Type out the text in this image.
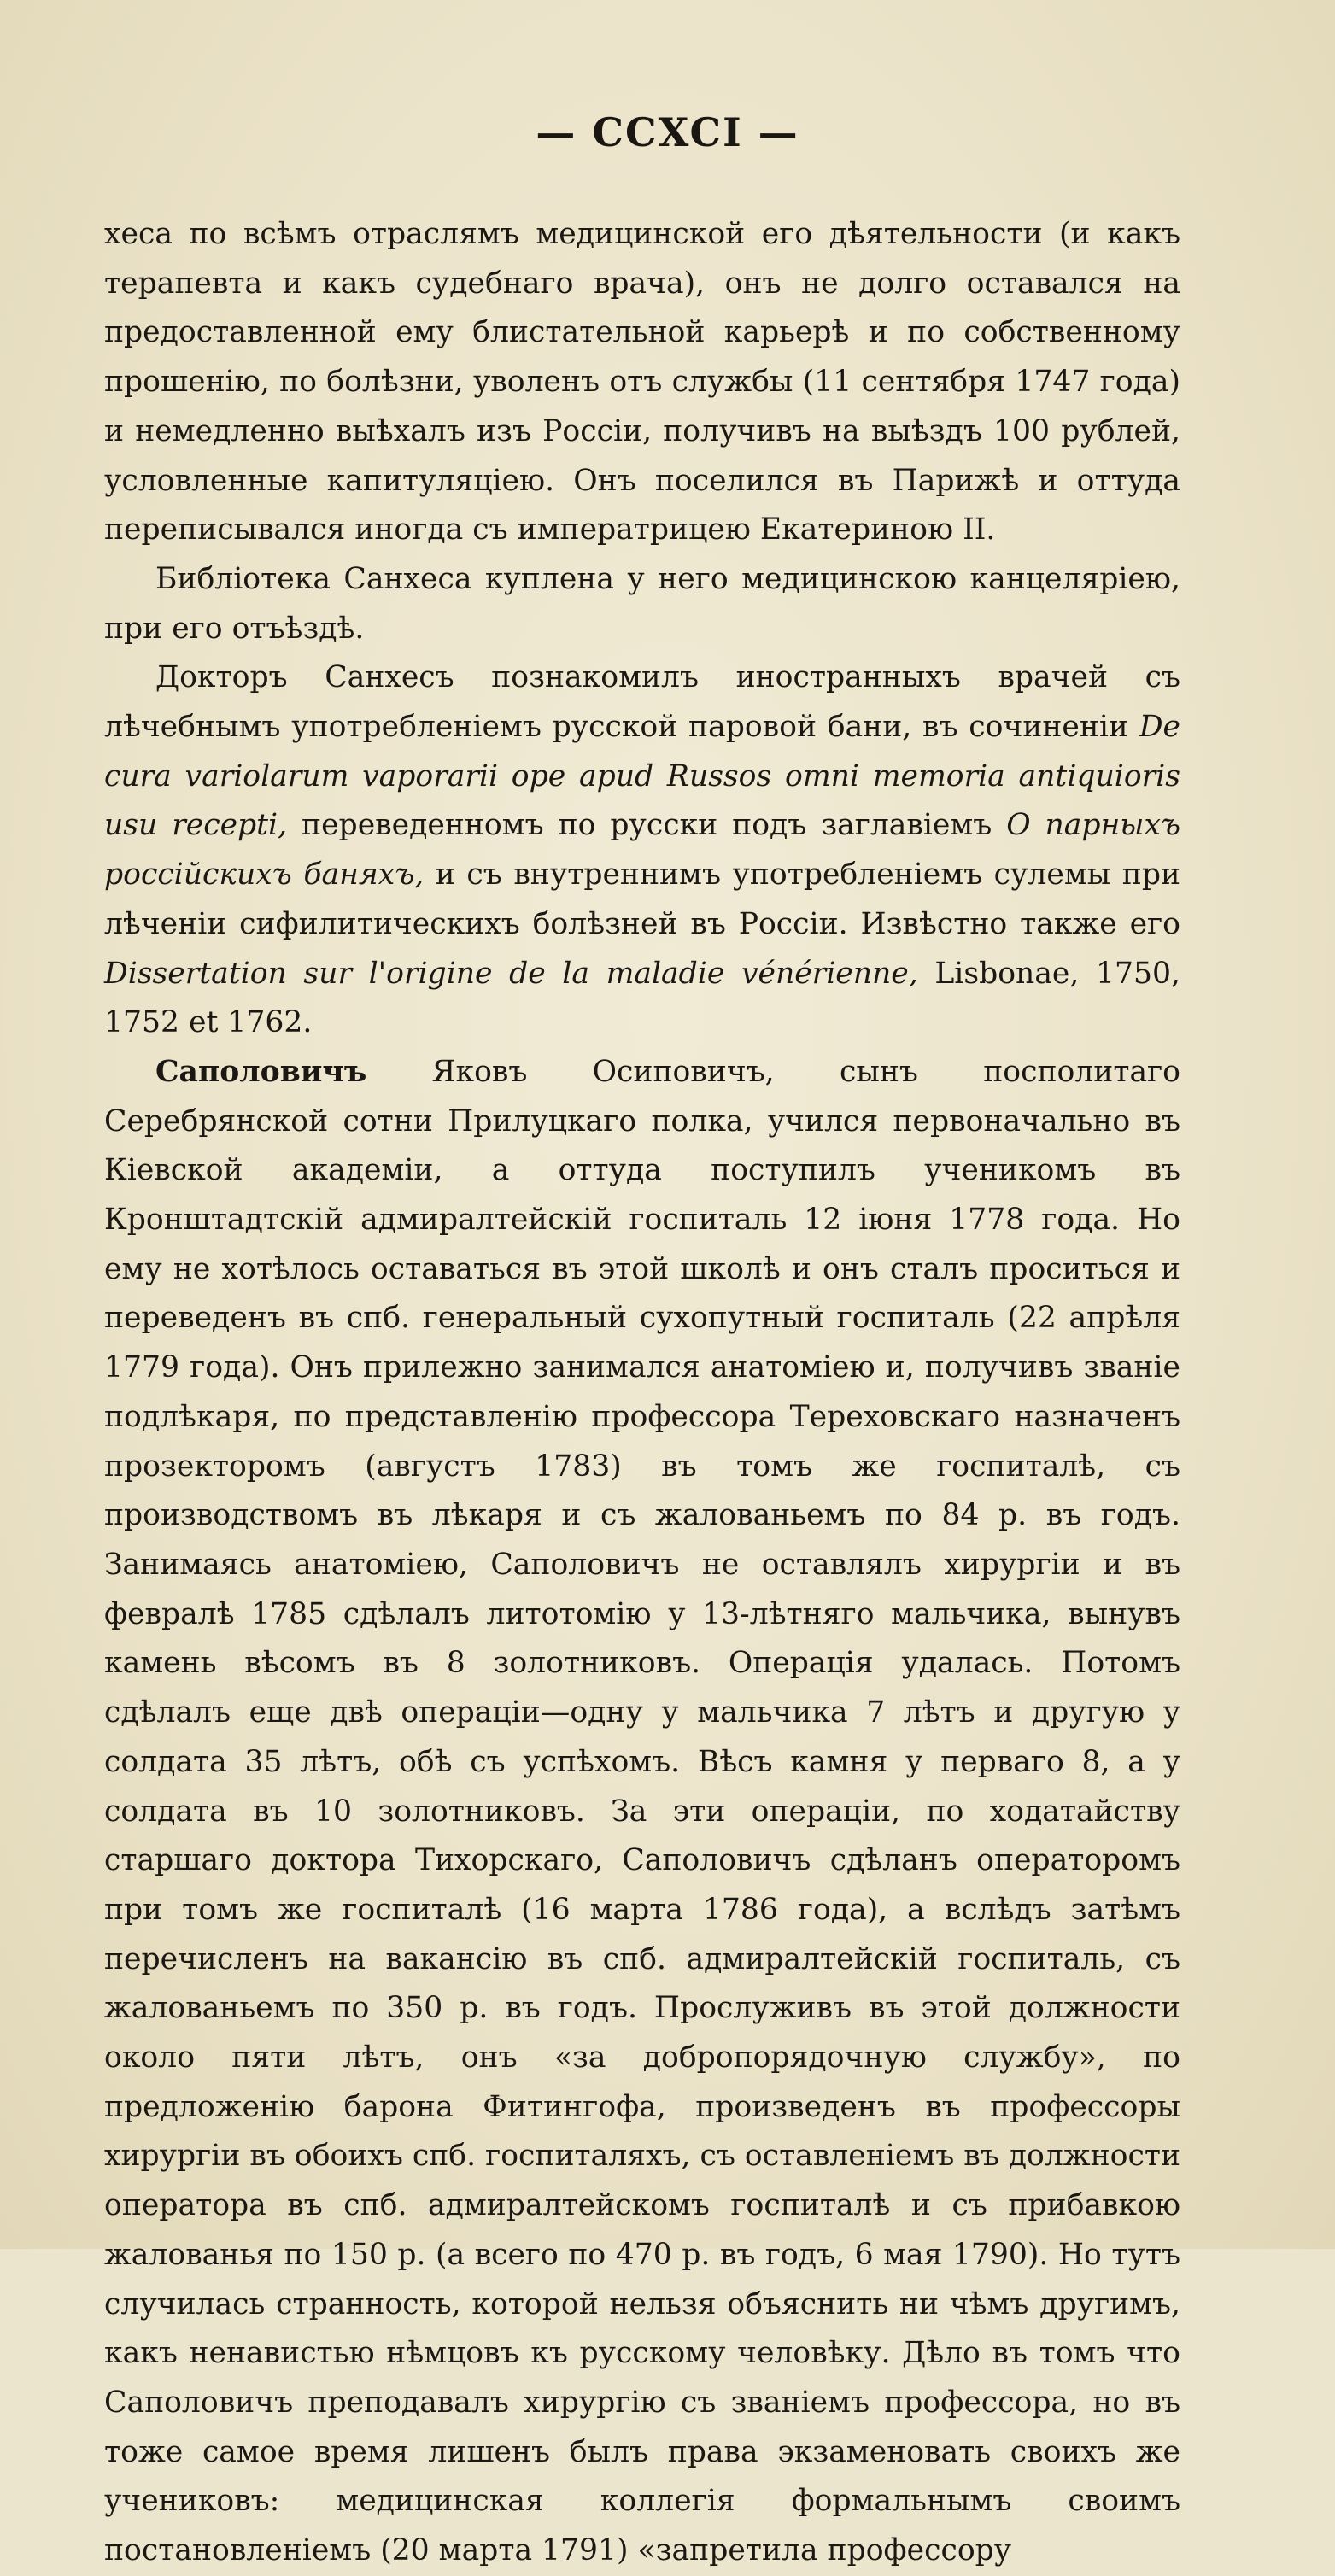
— CCXCI —

хеса по всѣмъ отраслямъ медицинской его дѣятельности (и какъ терапевта и какъ судебнаго врача), онъ не долго оставался на предоставленной ему блистательной карьерѣ и по собственному прошенію, по болѣзни, уволенъ отъ службы (11 сентября 1747 года) и немедленно выѣхалъ изъ Россіи, получивъ на выѣздъ 100 рублей, условленные капитуляціею. Онъ поселился въ Парижѣ и оттуда переписывался иногда съ императрицею Екатериною II.

Библіотека Санхеса куплена у него медицинскою канцеляріею, при его отъѣздѣ.

Докторъ Санхесъ познакомилъ иностранныхъ врачей съ лѣчебнымъ употребленіемъ русской паровой бани, въ сочиненіи De cura variolarum vaporarii ope apud Russos omni memoria antiquioris usu recepti, переведенномъ по русски подъ заглавіемъ О парныхъ россійскихъ баняхъ, и съ внутреннимъ употребленіемъ сулемы при лѣченіи сифилитическихъ болѣзней въ Россіи. Извѣстно также его Dissertation sur l'origine de la maladie vénérienne, Lisbonae, 1750, 1752 et 1762.

Саполовичъ Яковъ Осиповичъ, сынъ посполитаго Серебрянской сотни Прилуцкаго полка, учился первоначально въ Кіевской академіи, а оттуда поступилъ ученикомъ въ Кронштадтскій адмиралтейскій госпиталь 12 іюня 1778 года. Но ему не хотѣлось оставаться въ этой школѣ и онъ сталъ проситься и переведенъ въ спб. генеральный сухопутный госпиталь (22 апрѣля 1779 года). Онъ прилежно занимался анатоміею и, получивъ званіе подлѣкаря, по представленію профессора Тереховскаго назначенъ прозекторомъ (августъ 1783) въ томъ же госпиталѣ, съ производствомъ въ лѣкаря и съ жалованьемъ по 84 р. въ годъ. Занимаясь анатоміею, Саполовичъ не оставлялъ хирургіи и въ февралѣ 1785 сдѣлалъ литотомію у 13-лѣтняго мальчика, вынувъ камень вѣсомъ въ 8 золотниковъ. Операція удалась. Потомъ сдѣлалъ еще двѣ операціи—одну у мальчика 7 лѣтъ и другую у солдата 35 лѣтъ, обѣ съ успѣхомъ. Вѣсъ камня у перваго 8, а у солдата въ 10 золотниковъ. За эти операціи, по ходатайству старшаго доктора Тихорскаго, Саполовичъ сдѣланъ операторомъ при томъ же госпиталѣ (16 марта 1786 года), а вслѣдъ затѣмъ перечисленъ на вакансію въ спб. адмиралтейскій госпиталь, съ жалованьемъ по 350 р. въ годъ. Прослуживъ въ этой должности около пяти лѣтъ, онъ «за добропорядочную службу», по предложенію барона Фитингофа, произведенъ въ профессоры хирургіи въ обоихъ спб. госпиталяхъ, съ оставленіемъ въ должности оператора въ спб. адмиралтейскомъ госпиталѣ и съ прибавкою жалованья по 150 р. (а всего по 470 р. въ годъ, 6 мая 1790). Но тутъ случилась странность, которой нельзя объяснить ни чѣмъ другимъ, какъ ненавистью нѣмцовъ къ русскому человѣку. Дѣло въ томъ что Саполовичъ преподавалъ хирургію съ званіемъ профессора, но въ тоже самое время лишенъ былъ права экзаменовать своихъ же учениковъ: медицинская коллегія формальнымъ своимъ постановленіемъ (20 марта 1791) «запретила профессору
